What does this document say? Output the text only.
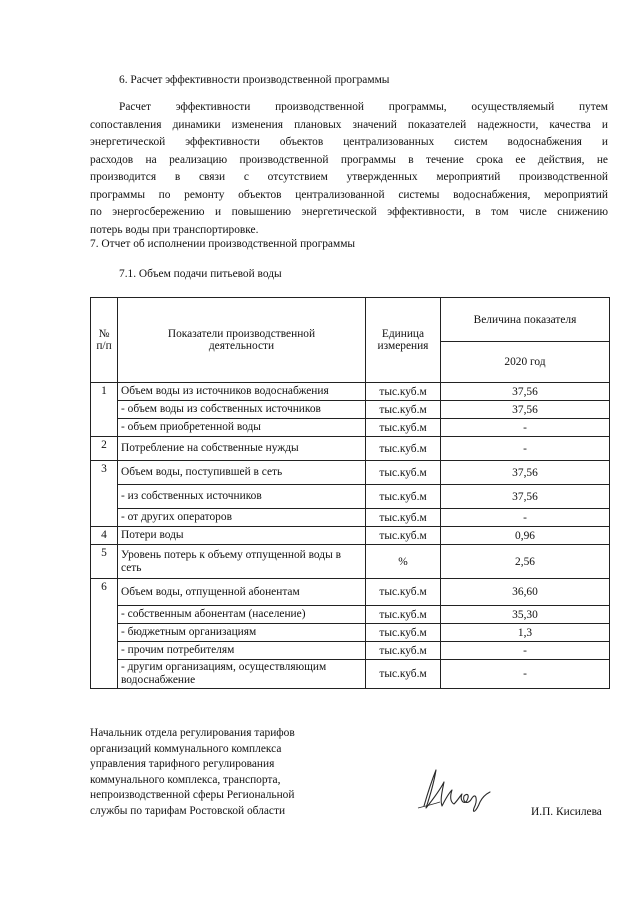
6. Расчет эффективности производственной программы
Расчет эффективности производственной программы, осуществляемый путем
сопоставления динамики изменения плановых значений показателей надежности, качества и
энергетической эффективности объектов централизованных систем водоснабжения и
расходов на реализацию производственной программы в течение срока ее действия, не
производится в связи с отсутствием утвержденных мероприятий производственной
программы по ремонту объектов централизованной системы водоснабжения, мероприятий
по энергосбережению и повышению энергетической эффективности, в том числе снижению
потерь воды при транспортировке.
7. Отчет об исполнении производственной программы
7.1. Объем подачи питьевой воды
№
п/п	Показатели производственной деятельности	Единица измерения	Величина показателя
			2020 год
1	Объем воды из источников водоснабжения	тыс.куб.м	37,56
	- объем воды из собственных источников	тыс.куб.м	37,56
	- объем приобретенной воды	тыс.куб.м	-
2	Потребление на собственные нужды	тыс.куб.м	-
3	Объем воды, поступившей в сеть	тыс.куб.м	37,56
	- из собственных источников	тыс.куб.м	37,56
	- от других операторов	тыс.куб.м	-
4	Потери воды	тыс.куб.м	0,96
5	Уровень потерь к объему отпущенной воды в сеть	%	2,56
6	Объем воды, отпущенной абонентам	тыс.куб.м	36,60
	- собственным абонентам (население)	тыс.куб.м	35,30
	- бюджетным организациям	тыс.куб.м	1,3
	- прочим потребителям	тыс.куб.м	-
	- другим организациям, осуществляющим водоснабжение	тыс.куб.м	-
Начальник отдела регулирования тарифов
организаций коммунального комплекса
управления тарифного регулирования
коммунального комплекса, транспорта,
непроизводственной сферы Региональной
службы по тарифам Ростовской области	И.П. Кисилева
